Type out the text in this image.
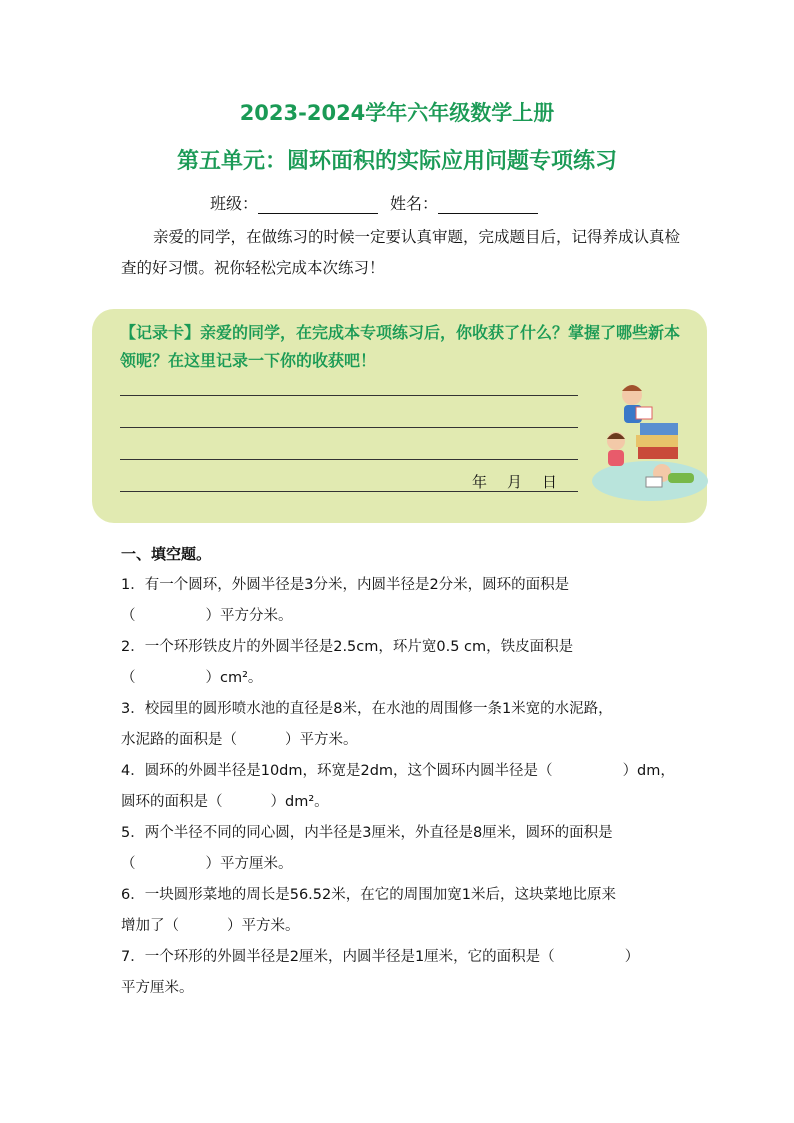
2023-2024学年六年级数学上册
第五单元：圆环面积的实际应用问题专项练习
班级：	姓名：

亲爱的同学，在做练习的时候一定要认真审题，完成题目后，记得养成认真检查的好习惯。祝你轻松完成本次练习！

【记录卡】亲爱的同学，在完成本专项练习后，你收获了什么？掌握了哪些新本领呢？在这里记录一下你的收获吧！

年 月 日

一、填空题。

1．有一个圆环，外圆半径是3分米，内圆半径是2分米，圆环的面积是

（	）平方分米。

2．一个环形铁皮片的外圆半径是2.5cm，环片宽0.5 cm，铁皮面积是

（	）cm²。

3．校园里的圆形喷水池的直径是8米，在水池的周围修一条1米宽的水泥路，

水泥路的面积是（	）平方米。

4．圆环的外圆半径是10dm，环宽是2dm，这个圆环内圆半径是（	）dm，

圆环的面积是（	）dm²。

5．两个半径不同的同心圆，内半径是3厘米，外直径是8厘米，圆环的面积是

（	）平方厘米。

6．一块圆形菜地的周长是56.52米，在它的周围加宽1米后，这块菜地比原来

增加了（	）平方米。

7．一个环形的外圆半径是2厘米，内圆半径是1厘米，它的面积是（	）

平方厘米。
